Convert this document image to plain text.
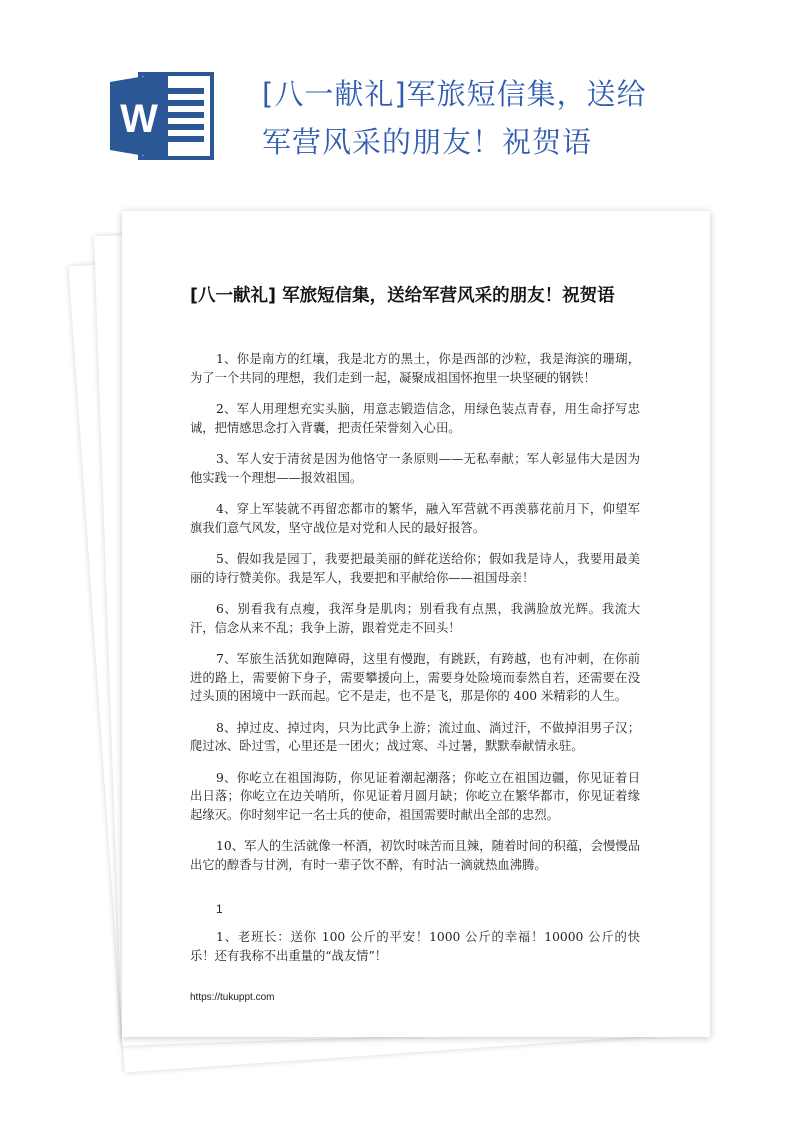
W
[八一献礼]军旅短信集，送给军营风采的朋友！祝贺语
[八一献礼] 军旅短信集，送给军营风采的朋友！祝贺语

1、你是南方的红壤，我是北方的黑土，你是西部的沙粒，我是海滨的珊瑚，为了一个共同的理想，我们走到一起，凝聚成祖国怀抱里一块坚硬的钢铁！

2、军人用理想充实头脑，用意志锻造信念，用绿色装点青春，用生命抒写忠诚，把情感思念打入背囊，把责任荣誉刻入心田。

3、军人安于清贫是因为他恪守一条原则——无私奉献；军人彰显伟大是因为他实践一个理想——报效祖国。

4、穿上军装就不再留恋都市的繁华，融入军营就不再羡慕花前月下，仰望军旗我们意气风发，坚守战位是对党和人民的最好报答。

5、假如我是园丁，我要把最美丽的鲜花送给你；假如我是诗人，我要用最美丽的诗行赞美你。我是军人，我要把和平献给你——祖国母亲！

6、别看我有点瘦，我浑身是肌肉；别看我有点黑，我满脸放光辉。我流大汗，信念从来不乱；我争上游，跟着党走不回头！

7、军旅生活犹如跑障碍，这里有慢跑，有跳跃，有跨越，也有冲刺，在你前进的路上，需要俯下身子，需要攀援向上，需要身处险境而泰然自若，还需要在没过头顶的困境中一跃而起。它不是走，也不是飞，那是你的 400 米精彩的人生。

8、掉过皮、掉过肉，只为比武争上游；流过血、淌过汗，不做掉泪男子汉；爬过冰、卧过雪，心里还是一团火；战过寒、斗过暑，默默奉献情永驻。

9、你屹立在祖国海防，你见证着潮起潮落；你屹立在祖国边疆，你见证着日出日落；你屹立在边关哨所，你见证着月圆月缺；你屹立在繁华都市，你见证着缘起缘灭。你时刻牢记一名士兵的使命，祖国需要时献出全部的忠烈。

10、军人的生活就像一杯酒，初饮时味苦而且辣，随着时间的积蕴，会慢慢品出它的醇香与甘洌，有时一辈子饮不醉，有时沾一滴就热血沸腾。

1

1、老班长：送你 100 公斤的平安！1000 公斤的幸福！10000 公斤的快乐！还有我称不出重量的“战友情”！

https://tukuppt.com
